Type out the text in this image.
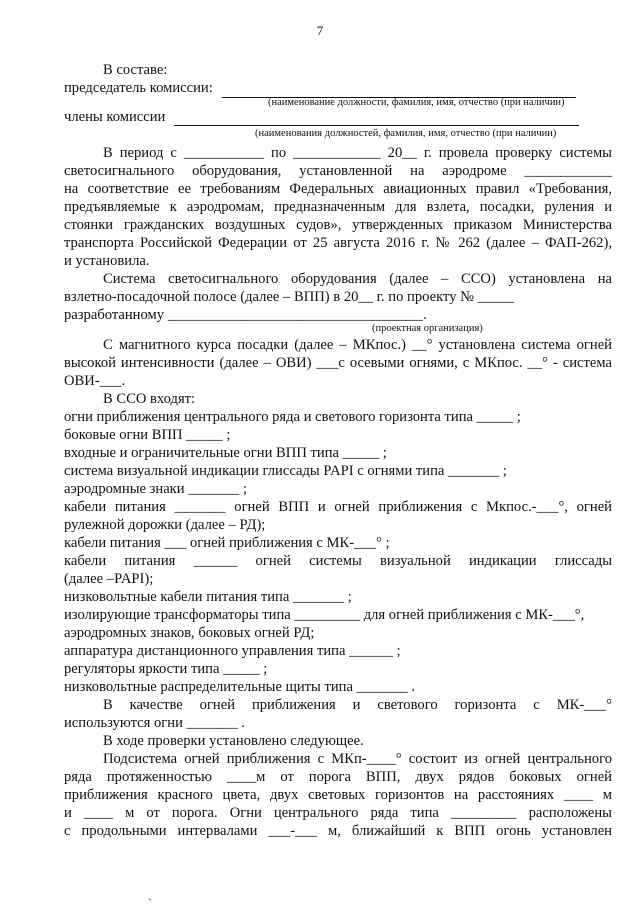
7
В составе:
председатель комиссии:
(наименование должности, фамилия, имя, отчество (при наличии)
члены комиссии
(наименования должностей, фамилия, имя, отчество (при наличии)
В период с ___________ по ____________ 20__ г. провела проверку системы
светосигнального оборудования, установленной на аэродроме ____________
на соответствие ее требованиям Федеральных авиационных правил «Требования,
предъявляемые к аэродромам, предназначенным для взлета, посадки, руления и
стоянки гражданских воздушных судов», утвержденных приказом Министерства
транспорта Российской Федерации от 25 августа 2016 г. № 262 (далее – ФАП-262),
и установила.
Система светосигнального оборудования (далее – ССО) установлена на
взлетно-посадочной полосе (далее – ВПП) в 20__ г. по проекту № _____
разработанному ___________________________________.
(проектная организация)
С магнитного курса посадки (далее – МКпос.) __° установлена система огней
высокой интенсивности (далее – ОВИ) ___с осевыми огнями, с МКпос. __° - система
ОВИ-___.
В ССО входят:
огни приближения центрального ряда и светового горизонта типа _____ ;
боковые огни ВПП _____ ;
входные и ограничительные огни ВПП типа _____ ;
система визуальной индикации глиссады PAPI с огнями типа _______ ;
аэродромные знаки _______ ;
кабели питания _______ огней ВПП и огней приближения с Мкпос.-___°, огней
рулежной дорожки (далее – РД);
кабели питания ___ огней приближения с МК-___° ;
кабели питания ______ огней системы визуальной индикации глиссады
(далее –PAPI);
низковольтные кабели питания типа _______ ;
изолирующие трансформаторы типа _________ для огней приближения с МК-___°,
аэродромных знаков, боковых огней РД;
аппаратура дистанционного управления типа ______ ;
регуляторы яркости типа _____ ;
низковольтные распределительные щиты типа _______ .
В качестве огней приближения и светового горизонта с МК-___°
используются огни _______ .
В ходе проверки установлено следующее.
Подсистема огней приближения с МКп-____° состоит из огней центрального
ряда протяженностью ____м от порога ВПП, двух рядов боковых огней
приближения красного цвета, двух световых горизонтов на расстояниях ____ м
и ____ м от порога. Огни центрального ряда типа _________ расположены
с продольными интервалами ___-___ м, ближайший к ВПП огонь установлен
ˏ
